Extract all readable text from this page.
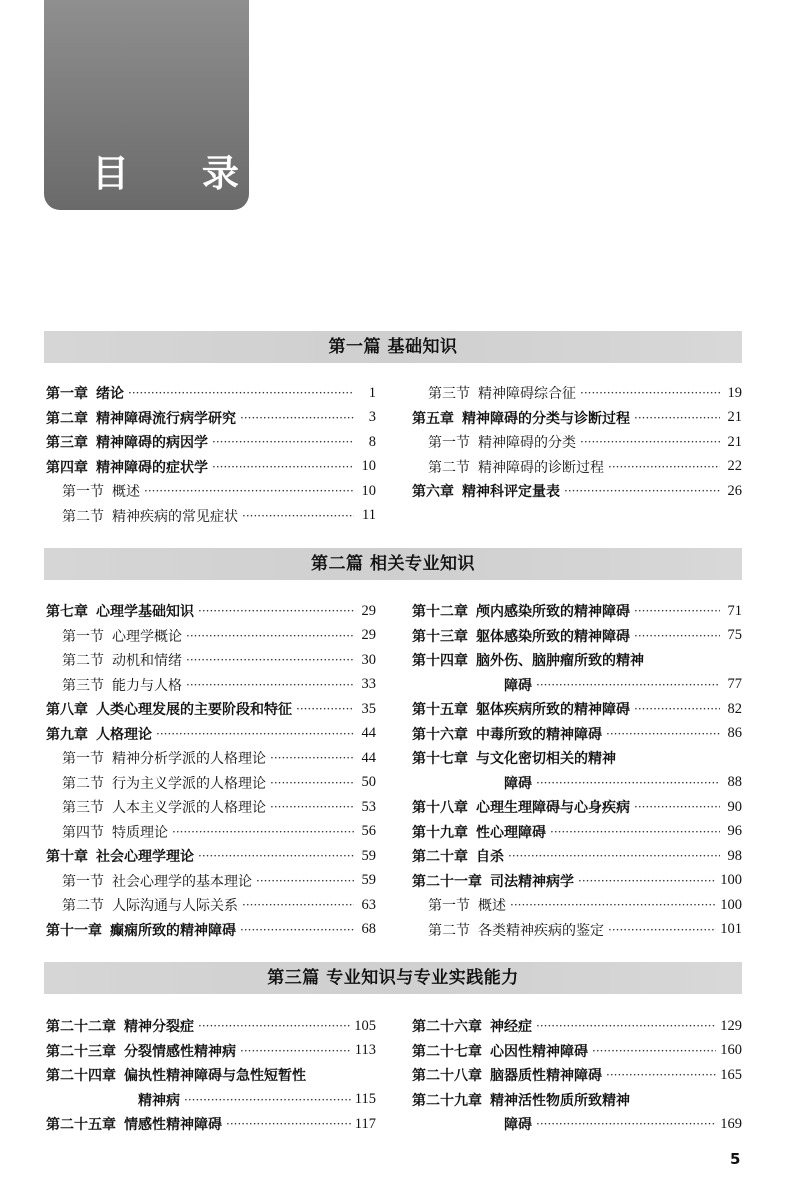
目 录
第一篇 基础知识
第一章 绪论 ·····	1
第二章 精神障碍流行病学研究 ·····	3
第三章 精神障碍的病因学 ·····	8
第四章 精神障碍的症状学 ·····	10
第一节 概述 ·····	10
第二节 精神疾病的常见症状 ·····	11
第三节 精神障碍综合征 ·····	19
第五章 精神障碍的分类与诊断过程 ·····	21
第一节 精神障碍的分类 ·····	21
第二节 精神障碍的诊断过程 ·····	22
第六章 精神科评定量表 ·····	26
第二篇 相关专业知识
第七章 心理学基础知识 ·····	29
第一节 心理学概论 ·····	29
第二节 动机和情绪 ·····	30
第三节 能力与人格 ·····	33
第八章 人类心理发展的主要阶段和特征 ·····	35
第九章 人格理论 ·····	44
第一节 精神分析学派的人格理论 ·····	44
第二节 行为主义学派的人格理论 ·····	50
第三节 人本主义学派的人格理论 ·····	53
第四节 特质理论 ·····	56
第十章 社会心理学理论 ·····	59
第一节 社会心理学的基本理论 ·····	59
第二节 人际沟通与人际关系 ·····	63
第十一章 癫痫所致的精神障碍 ·····	68
第十二章 颅内感染所致的精神障碍 ·····	71
第十三章 躯体感染所致的精神障碍 ·····	75
第十四章 脑外伤、脑肿瘤所致的精神
障碍 ·····	77
第十五章 躯体疾病所致的精神障碍 ·····	82
第十六章 中毒所致的精神障碍 ·····	86
第十七章 与文化密切相关的精神
障碍 ·····	88
第十八章 心理生理障碍与心身疾病 ·····	90
第十九章 性心理障碍 ·····	96
第二十章 自杀 ·····	98
第二十一章 司法精神病学 ·····	100
第一节 概述 ·····	100
第二节 各类精神疾病的鉴定 ·····	101
第三篇 专业知识与专业实践能力
第二十二章 精神分裂症 ·····	105
第二十三章 分裂情感性精神病 ·····	113
第二十四章 偏执性精神障碍与急性短暂性
精神病 ·····	115
第二十五章 情感性精神障碍 ·····	117
第二十六章 神经症 ·····	129
第二十七章 心因性精神障碍 ·····	160
第二十八章 脑器质性精神障碍 ·····	165
第二十九章 精神活性物质所致精神
障碍 ·····	169
5
